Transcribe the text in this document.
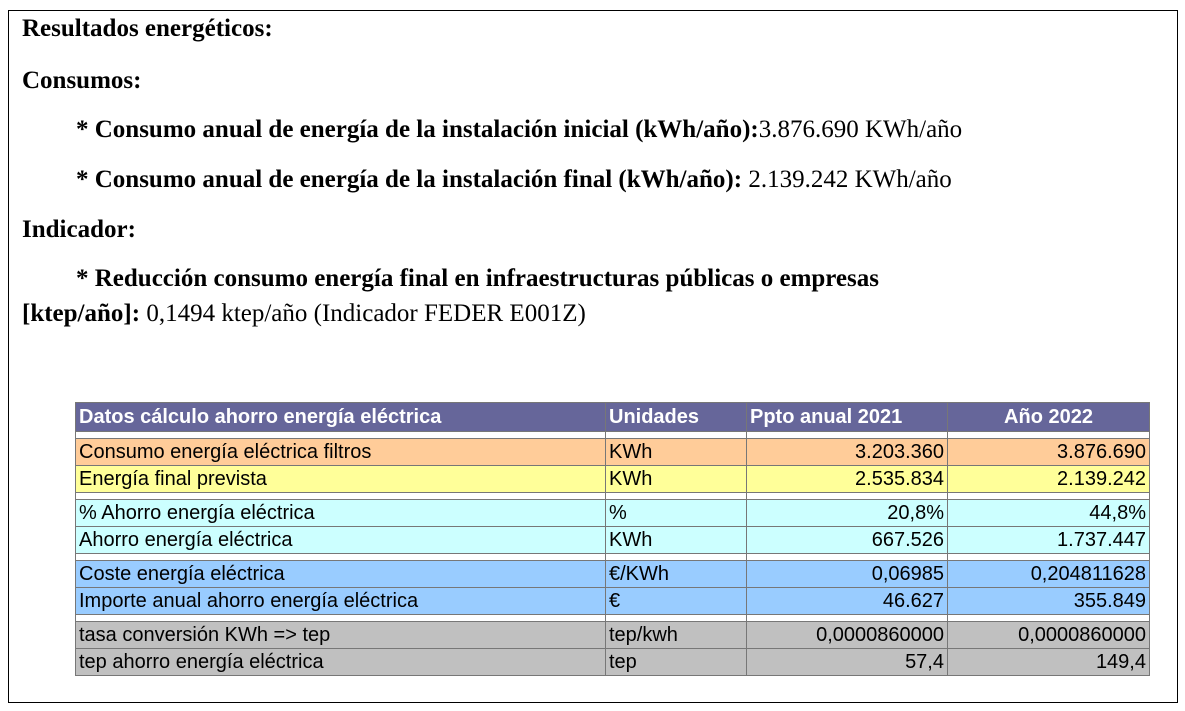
Resultados energéticos:
Consumos:
* Consumo anual de energía de la instalación inicial (kWh/año):3.876.690 KWh/año
* Consumo anual de energía de la instalación final (kWh/año): 2.139.242 KWh/año
Indicador:
* Reducción consumo energía final en infraestructuras públicas o empresas
[ktep/año]: 0,1494 ktep/año (Indicador FEDER E001Z)
Datos cálculo ahorro energía eléctrica	Unidades	Ppto anual 2021	Año 2022

Consumo energía eléctrica filtros	KWh	3.203.360	3.876.690
Energía final prevista	KWh	2.535.834	2.139.242

% Ahorro energía eléctrica	%	20,8%	44,8%
Ahorro energía eléctrica	KWh	667.526	1.737.447

Coste energía eléctrica	€/KWh	0,06985	0,204811628
Importe anual ahorro energía eléctrica	€	46.627	355.849

tasa conversión KWh => tep	tep/kwh	0,0000860000	0,0000860000
tep ahorro energía eléctrica	tep	57,4	149,4
